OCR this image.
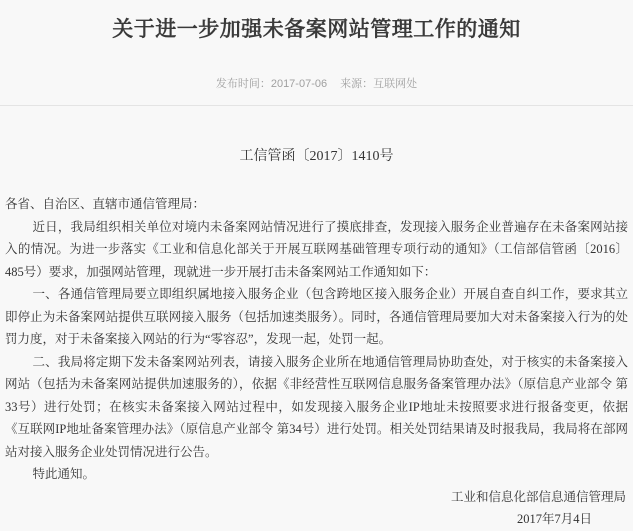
关于进一步加强未备案网站管理工作的通知
发布时间：2017-07-06 来源：互联网处
工信管函〔2017〕1410号

各省、自治区、直辖市通信管理局：

近日，我局组织相关单位对境内未备案网站情况进行了摸底排查，发现接入服务企业普遍存在未备案网站接入的情况。为进一步落实《工业和信息化部关于开展互联网基础管理专项行动的通知》（工信部信管函〔2016〕485号）要求，加强网站管理，现就进一步开展打击未备案网站工作通知如下：

一、各通信管理局要立即组织属地接入服务企业（包含跨地区接入服务企业）开展自查自纠工作，要求其立即停止为未备案网站提供互联网接入服务（包括加速类服务）。同时，各通信管理局要加大对未备案接入行为的处罚力度，对于未备案接入网站的行为“零容忍”，发现一起，处罚一起。

二、我局将定期下发未备案网站列表，请接入服务企业所在地通信管理局协助查处，对于核实的未备案接入网站（包括为未备案网站提供加速服务的），依据《非经营性互联网信息服务备案管理办法》（原信息产业部令 第33号）进行处罚；在核实未备案接入网站过程中，如发现接入服务企业IP地址未按照要求进行报备变更，依据《互联网IP地址备案管理办法》（原信息产业部令 第34号）进行处罚。相关处罚结果请及时报我局，我局将在部网站对接入服务企业处罚情况进行公告。

特此通知。

工业和信息化部信息通信管理局

2017年7月4日
